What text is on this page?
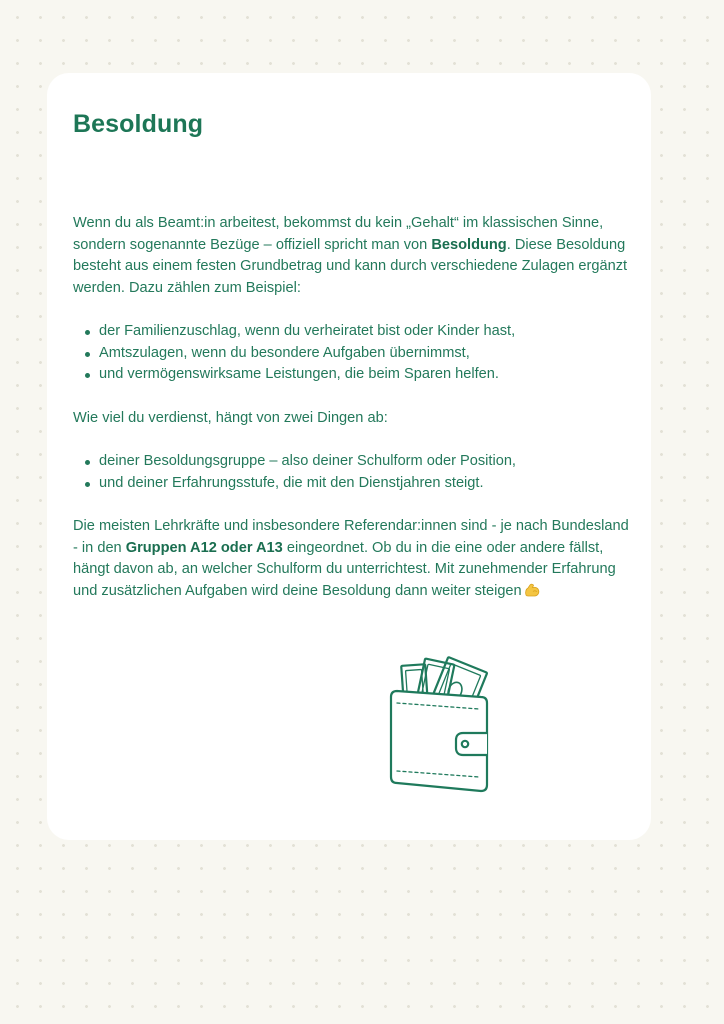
Besoldung

Wenn du als Beamt:in arbeitest, bekommst du kein „Gehalt“ im klassischen Sinne, sondern sogenannte Bezüge – offiziell spricht man von Besoldung. Diese Besoldung besteht aus einem festen Grundbetrag und kann durch verschiedene Zulagen ergänzt werden. Dazu zählen zum Beispiel:

der Familienzuschlag, wenn du verheiratet bist oder Kinder hast,
Amtszulagen, wenn du besondere Aufgaben übernimmst,
und vermögenswirksame Leistungen, die beim Sparen helfen.

Wie viel du verdienst, hängt von zwei Dingen ab:

deiner Besoldungsgruppe – also deiner Schulform oder Position,
und deiner Erfahrungsstufe, die mit den Dienstjahren steigt.

Die meisten Lehrkräfte und insbesondere Referendar:innen sind - je nach Bundesland - in den Gruppen A12 oder A13 eingeordnet. Ob du in die eine oder andere fällst, hängt davon ab, an welcher Schulform du unterrichtest. Mit zunehmender Erfahrung und zusätzlichen Aufgaben wird deine Besoldung dann weiter steigen
